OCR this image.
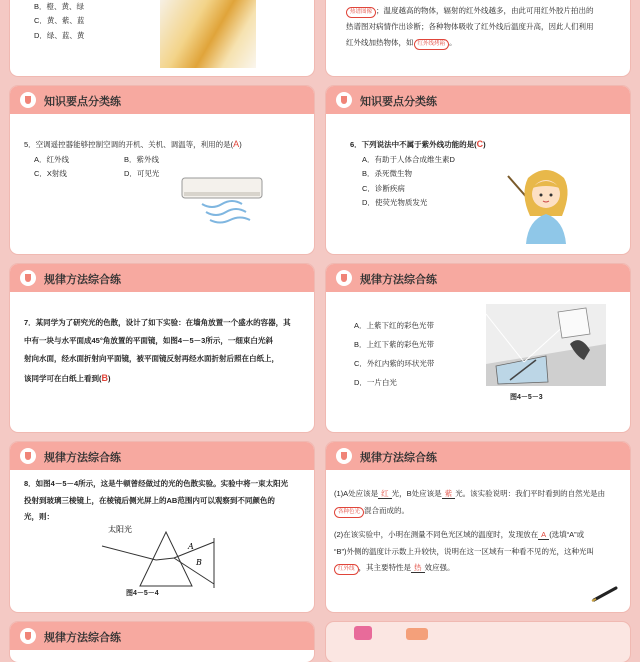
B．橙、黄、绿
C．黄、紫、蓝
D．绿、蓝、黄
热谱图像 ；温度越高的物体，辐射的红外线越多，由此可用红外胶片拍出的
热谱图对病情作出诊断；各种物体吸收了红外线后温度升高，因此人们利用
红外线加热物体，如 红外线烤箱 。
知识要点分类练
5．空调遥控器能够控制空调的开机、关机、调温等，利用的是(A)
A．红外线	B．紫外线
C．X射线	D．可见光
知识要点分类练
6．下列说法中不属于紫外线功能的是(C)
A．有助于人体合成维生素D
B．杀死微生物
C．诊断疾病
D．使荧光物质发光
规律方法综合练
7．某同学为了研究光的色散，设计了如下实验：在墙角放置一个盛水的容器，其
中有一块与水平面成45°角放置的平面镜，如图4－5－3所示，一细束白光斜
射向水面，经水面折射向平面镜，被平面镜反射再经水面折射后照在白纸上，
该同学可在白纸上看到(B)
规律方法综合练
A．上紫下红的彩色光带
B．上红下紫的彩色光带
C．外红内紫的环状光带
D．一片白光
图4－5－3
规律方法综合练
8．如图4－5－4所示，这是牛顿曾经做过的光的色散实验。实验中将一束太阳光
投射到玻璃三棱镜上，在棱镜后侧光屏上的AB范围内可以观察到不同颜色的
光，则：
太阳光
A
B
图4－5－4
规律方法综合练
(1)A处应该是 红 光，B处应该是 紫 光。该实验说明：我们平时看到的自然光是由
各种色光 混合而成的。
(2)在该实验中，小明在测量不同色光区域的温度时，发现放在 A (选填“A”或
“B”)外侧的温度计示数上升较快，说明在这一区域有一种看不见的光，这种光叫
红外线 ，其主要特性是 热 效应强。
规律方法综合练
